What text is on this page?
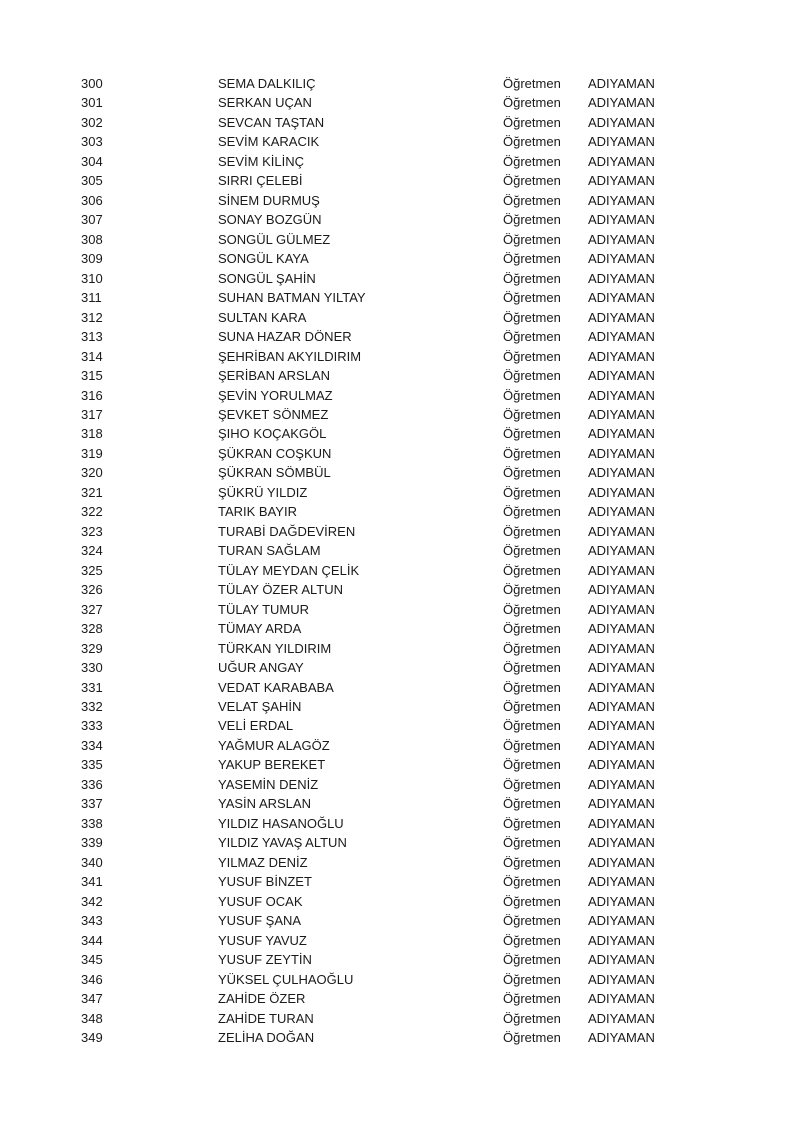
300	SEMA DALKILIÇ	Öğretmen ADIYAMAN
301	SERKAN UÇAN	Öğretmen ADIYAMAN
302	SEVCAN TAŞTAN	Öğretmen ADIYAMAN
303	SEVİM KARACIK	Öğretmen ADIYAMAN
304	SEVİM KİLİNÇ	Öğretmen ADIYAMAN
305	SIRRI ÇELEBİ	Öğretmen ADIYAMAN
306	SİNEM DURMUŞ	Öğretmen ADIYAMAN
307	SONAY BOZGÜN	Öğretmen ADIYAMAN
308	SONGÜL GÜLMEZ	Öğretmen ADIYAMAN
309	SONGÜL KAYA	Öğretmen ADIYAMAN
310	SONGÜL ŞAHİN	Öğretmen ADIYAMAN
311	SUHAN BATMAN YILTAY	Öğretmen ADIYAMAN
312	SULTAN KARA	Öğretmen ADIYAMAN
313	SUNA HAZAR DÖNER	Öğretmen ADIYAMAN
314	ŞEHRİBAN AKYILDIRIM	Öğretmen ADIYAMAN
315	ŞERİBAN ARSLAN	Öğretmen ADIYAMAN
316	ŞEVİN YORULMAZ	Öğretmen ADIYAMAN
317	ŞEVKET SÖNMEZ	Öğretmen ADIYAMAN
318	ŞIHO KOÇAKGÖL	Öğretmen ADIYAMAN
319	ŞÜKRAN COŞKUN	Öğretmen ADIYAMAN
320	ŞÜKRAN SÖMBÜL	Öğretmen ADIYAMAN
321	ŞÜKRÜ YILDIZ	Öğretmen ADIYAMAN
322	TARIK BAYIR	Öğretmen ADIYAMAN
323	TURABİ DAĞDEVİREN	Öğretmen ADIYAMAN
324	TURAN SAĞLAM	Öğretmen ADIYAMAN
325	TÜLAY MEYDAN ÇELİK	Öğretmen ADIYAMAN
326	TÜLAY ÖZER ALTUN	Öğretmen ADIYAMAN
327	TÜLAY TUMUR	Öğretmen ADIYAMAN
328	TÜMAY ARDA	Öğretmen ADIYAMAN
329	TÜRKAN YILDIRIM	Öğretmen ADIYAMAN
330	UĞUR ANGAY	Öğretmen ADIYAMAN
331	VEDAT KARABABA	Öğretmen ADIYAMAN
332	VELAT ŞAHİN	Öğretmen ADIYAMAN
333	VELİ ERDAL	Öğretmen ADIYAMAN
334	YAĞMUR ALAGÖZ	Öğretmen ADIYAMAN
335	YAKUP BEREKET	Öğretmen ADIYAMAN
336	YASEMİN DENİZ	Öğretmen ADIYAMAN
337	YASİN ARSLAN	Öğretmen ADIYAMAN
338	YILDIZ HASANOĞLU	Öğretmen ADIYAMAN
339	YILDIZ YAVAŞ ALTUN	Öğretmen ADIYAMAN
340	YILMAZ DENİZ	Öğretmen ADIYAMAN
341	YUSUF BİNZET	Öğretmen ADIYAMAN
342	YUSUF OCAK	Öğretmen ADIYAMAN
343	YUSUF ŞANA	Öğretmen ADIYAMAN
344	YUSUF YAVUZ	Öğretmen ADIYAMAN
345	YUSUF ZEYTİN	Öğretmen ADIYAMAN
346	YÜKSEL ÇULHAOĞLU	Öğretmen ADIYAMAN
347	ZAHİDE ÖZER	Öğretmen ADIYAMAN
348	ZAHİDE TURAN	Öğretmen ADIYAMAN
349	ZELİHA DOĞAN	Öğretmen ADIYAMAN
